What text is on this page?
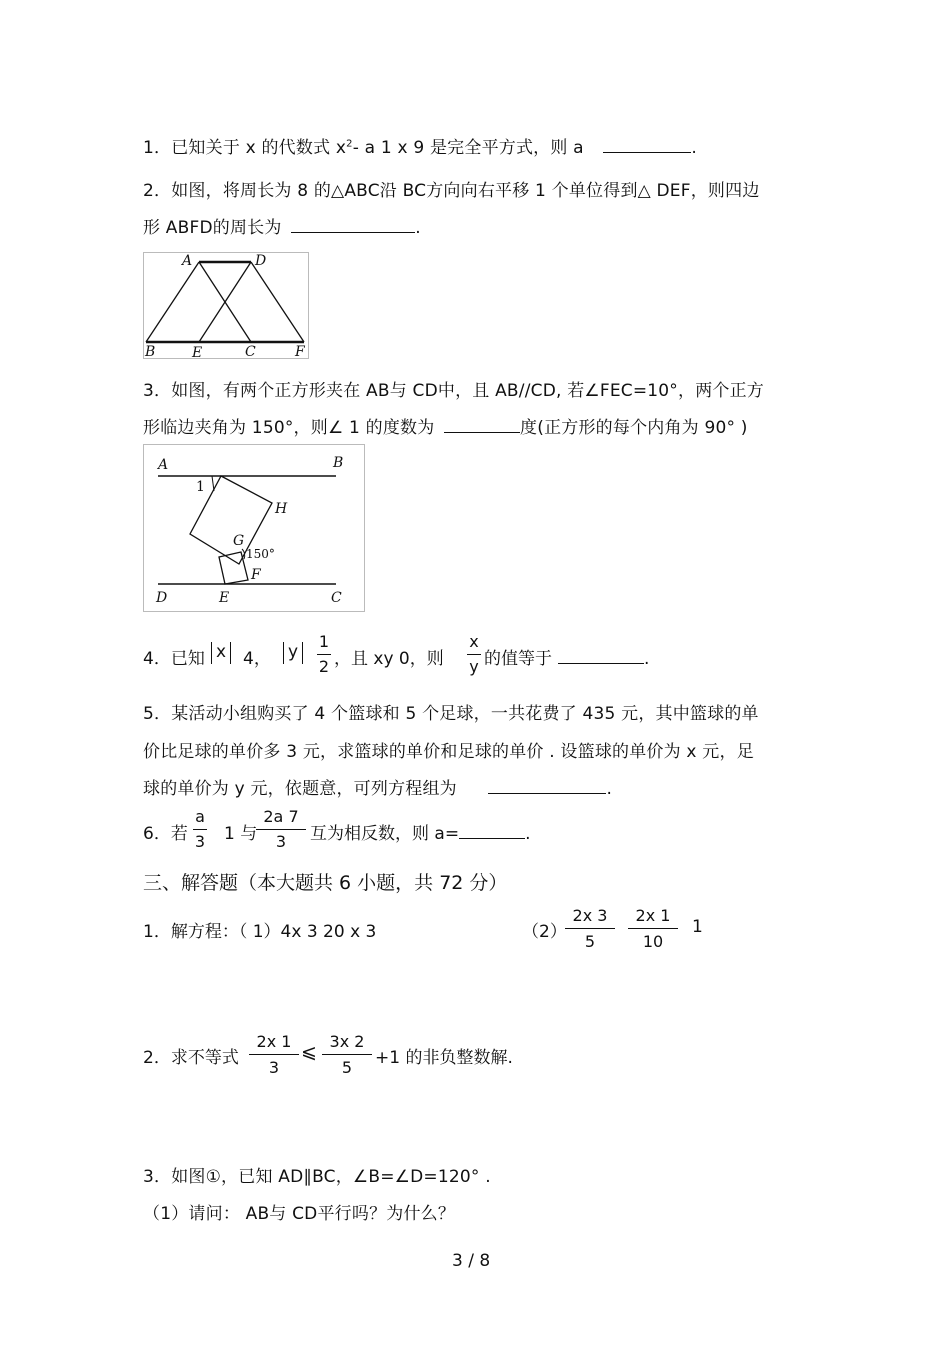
1．已知关于 x 的代数式 $x^2-$ a 1 x 9 是完全平方式，则 a	.
2．如图，将周长为 8 的△ABC沿 BC方向向右平移 1 个单位得到△ DEF，则四边
形 ABFD的周长为	.
A	D
B	E	C	F
3．如图，有两个正方形夹在 AB与 CD中，且 AB//CD, 若∠FEC=10°，两个正方
形临边夹角为 150°，则∠ 1 的度数为	度(正方形的每个内角为 90° )
A	B
1
H
G
150°
F
D	E	C
4．已知 x 4， y
1
2 ，且 xy 0，则
x
y 的值等于	.
5．某活动小组购买了 4 个篮球和 5 个足球，一共花费了 435 元，其中篮球的单
价比足球的单价多 3 元，求篮球的单价和足球的单价 . 设篮球的单价为 x 元，足
球的单价为 y 元，依题意，可列方程组为	.
6．若
a
3 1 与
2a 7
3	互为相反数，则 a=	.
三、解答题（本大题共 6 小题，共 72 分）
1．解方程：（ 1）4x 3 20 x 3	（2）
2x 3
5
2x 1
10
1
2．求不等式
2x 1
3
⩽ 3x 2
5	+1 的非负整数解.
3．如图①，已知 AD∥BC，∠B=∠D=120° .
（1）请问： AB与 CD平行吗？为什么？
3 / 8
